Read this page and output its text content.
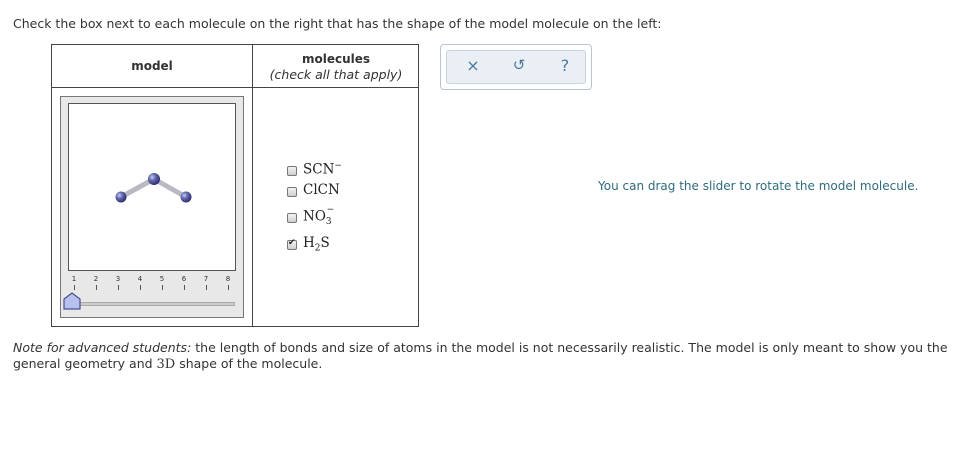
Check the box next to each molecule on the right that has the shape of the model molecule on the left:
model	molecules
(check all that apply)
1	2	3	4	5	6	7	8
SCN−
ClCN
$NO_3^-$
✔
$H_2S$
× ↺	?
You can drag the slider to rotate the model molecule.
Note for advanced students: the length of bonds and size of atoms in the model is not necessarily realistic. The model is only meant to show you the general geometry and 3D shape of the molecule.
